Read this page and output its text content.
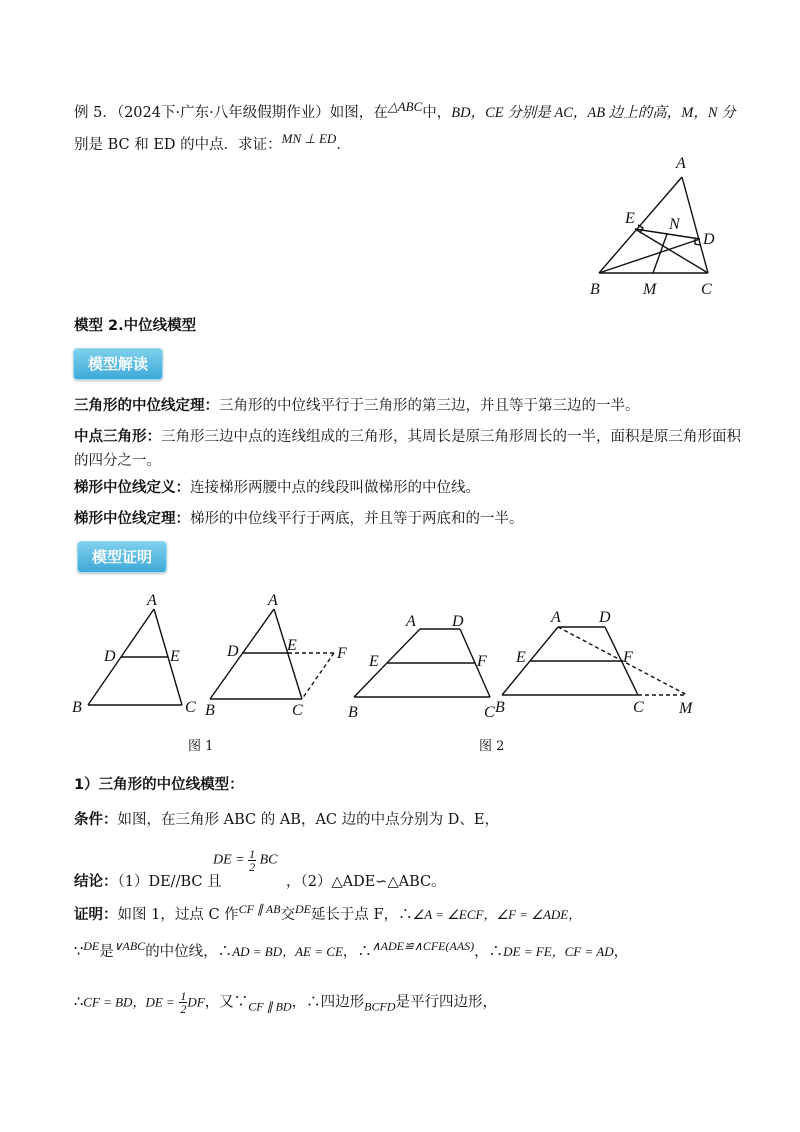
例 5．（2024下·广东·八年级假期作业）如图，在$^{\triangle ABC}$中，BD，CE 分别是 AC，AB 边上的高，M，N 分
别是 BC 和 ED 的中点．求证：$^{MN \perp ED}$．
A
E N
D
B	M	C
模型 2.中位线模型
模型解读
三角形的中位线定理：三角形的中位线平行于三角形的第三边，并且等于第三边的一半。
中点三角形：三角形三边中点的连线组成的三角形，其周长是原三角形周长的一半，面积是原三角形面积
的四分之一。
梯形中位线定义：连接梯形两腰中点的线段叫做梯形的中位线。
梯形中位线定理：梯形的中位线平行于两底，并且等于两底和的一半。
模型证明
A
D	E
B	C
A
D	E	F
B	C
A D
E	F
B	C
A D
E	F
B	C M
图 1	图 2
1）三角形的中位线模型：
条件：如图，在三角形 ABC 的 AB，AC 边的中点分别为 D、E，
结论：（1）DE//BC 且
DE = $\frac{1}{2}$ BC
，（2）△ADE∽△ABC。
证明：如图 1，过点 C 作$^{CF \parallel AB}$交$^{DE}$延长于点 F，∴∠A = ∠ECF，∠F = ∠ADE，
∵$^{DE}$是$^{\vee ABC}$的中位线，∴AD = BD，AE = CE，∴$^{\wedge ADE≌\wedge CFE(AAS)}$，∴DE = FE，CF = AD，
∴CF = BD，DE = $\frac{1}{2}$ DF，又$\because_{CF \parallel BD}$，∴四边形$_{BCFD}$是平行四边形，
